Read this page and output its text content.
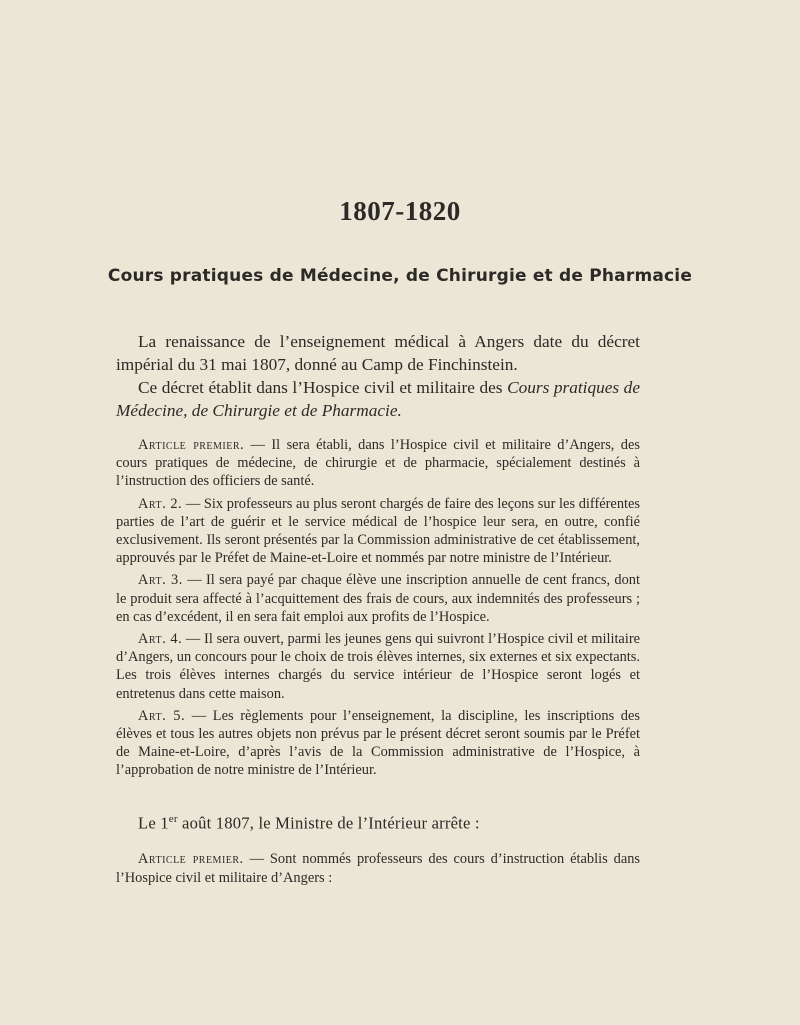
1807-1820
Cours pratiques de Médecine, de Chirurgie et de Pharmacie

La renaissance de l’enseignement médical à Angers date du décret impérial du 31 mai 1807, donné au Camp de Finchinstein.

Ce décret établit dans l’Hospice civil et militaire des Cours pratiques de Médecine, de Chirurgie et de Pharmacie.

Article premier. — Il sera établi, dans l’Hospice civil et militaire d’Angers, des cours pratiques de médecine, de chirurgie et de pharmacie, spécialement destinés à l’instruction des officiers de santé.

Art. 2. — Six professeurs au plus seront chargés de faire des leçons sur les différentes parties de l’art de guérir et le service médical de l’hospice leur sera, en outre, confié exclusivement. Ils seront présentés par la Commission administrative de cet établissement, approuvés par le Préfet de Maine-et-Loire et nommés par notre ministre de l’Intérieur.

Art. 3. — Il sera payé par chaque élève une inscription annuelle de cent francs, dont le produit sera affecté à l’acquittement des frais de cours, aux indemnités des professeurs ; en cas d’excédent, il en sera fait emploi aux profits de l’Hospice.

Art. 4. — Il sera ouvert, parmi les jeunes gens qui suivront l’Hospice civil et militaire d’Angers, un concours pour le choix de trois élèves internes, six externes et six expectants. Les trois élèves internes chargés du service intérieur de l’Hospice seront logés et entretenus dans cette maison.

Art. 5. — Les règlements pour l’enseignement, la discipline, les inscriptions des élèves et tous les autres objets non prévus par le présent décret seront soumis par le Préfet de Maine-et-Loire, d’après l’avis de la Commission administrative de l’Hospice, à l’approbation de notre ministre de l’Intérieur.

Le 1er août 1807, le Ministre de l’Intérieur arrête :

Article premier. — Sont nommés professeurs des cours d’instruction établis dans l’Hospice civil et militaire d’Angers :
